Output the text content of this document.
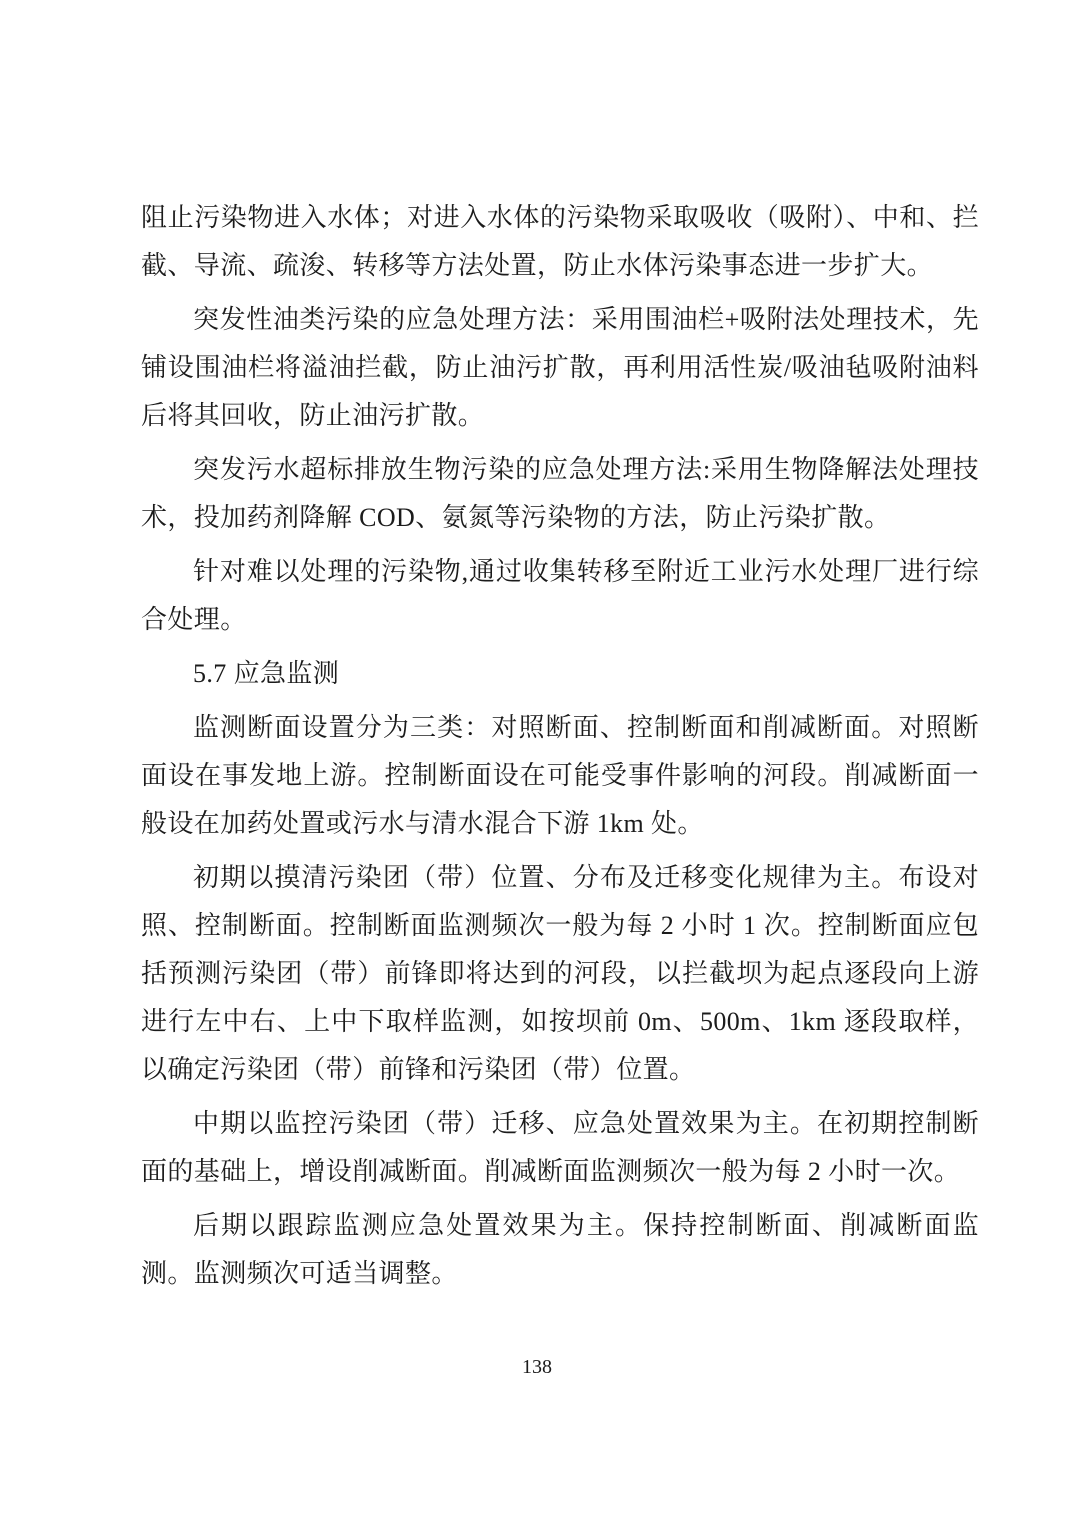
阻止污染物进入水体；对进入水体的污染物采取吸收（吸附）、中和、拦截、导流、疏浚、转移等方法处置，防止水体污染事态进一步扩大。

突发性油类污染的应急处理方法：采用围油栏+吸附法处理技术，先铺设围油栏将溢油拦截，防止油污扩散，再利用活性炭/吸油毡吸附油料后将其回收，防止油污扩散。

突发污水超标排放生物污染的应急处理方法:采用生物降解法处理技术，投加药剂降解 COD、氨氮等污染物的方法，防止污染扩散。

针对难以处理的污染物,通过收集转移至附近工业污水处理厂进行综合处理。

5.7 应急监测

监测断面设置分为三类：对照断面、控制断面和削减断面。对照断面设在事发地上游。控制断面设在可能受事件影响的河段。削减断面一般设在加药处置或污水与清水混合下游 1km 处。

初期以摸清污染团（带）位置、分布及迁移变化规律为主。布设对照、控制断面。控制断面监测频次一般为每 2 小时 1 次。控制断面应包括预测污染团（带）前锋即将达到的河段，以拦截坝为起点逐段向上游进行左中右、上中下取样监测，如按坝前 0m、500m、1km 逐段取样，以确定污染团（带）前锋和污染团（带）位置。

中期以监控污染团（带）迁移、应急处置效果为主。在初期控制断面的基础上，增设削减断面。削减断面监测频次一般为每 2 小时一次。

后期以跟踪监测应急处置效果为主。保持控制断面、削减断面监测。监测频次可适当调整。

138
